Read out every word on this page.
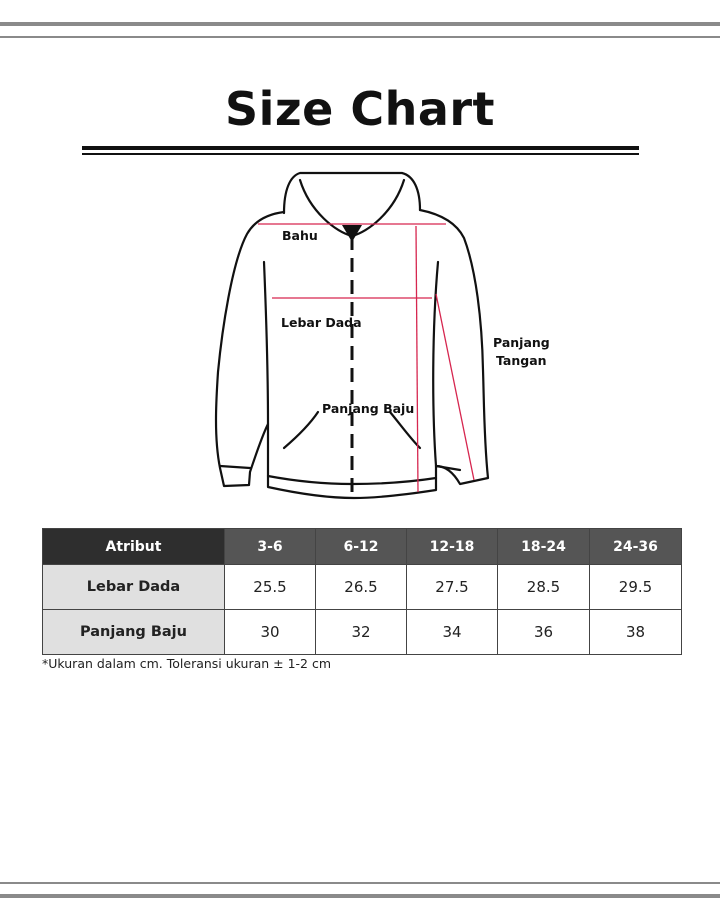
Size Chart
Bahu
Lebar Dada
Panjang
Tangan
Panjang Baju
Atribut	3-6	6-12	12-18	18-24	24-36
Lebar Dada	25.5	26.5	27.5	28.5	29.5
Panjang Baju	30	32	34	36	38
*Ukuran dalam cm. Toleransi ukuran ± 1-2 cm
